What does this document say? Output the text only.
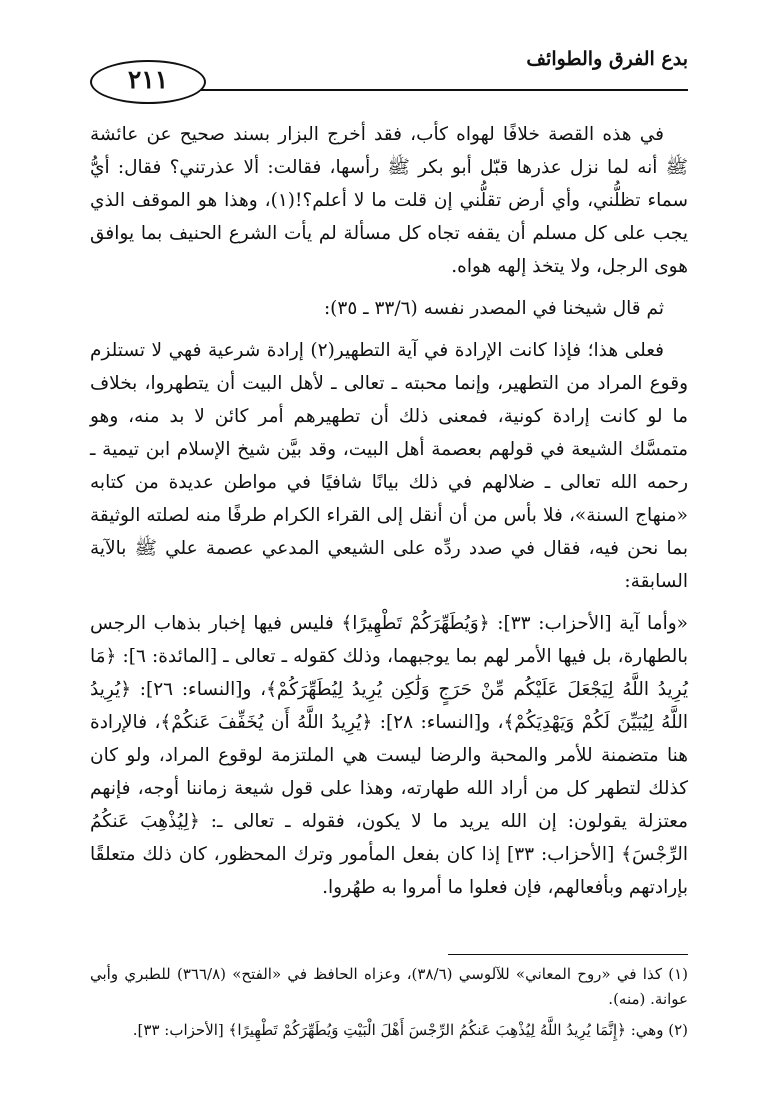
بدع الفرق والطوائف
٢١١

في هذه القصة خلافًا لهواه كأب، فقد أخرج البزار بسند صحيح عن عائشة ﷺ أنه لما نزل عذرها قبّل أبو بكر ﷺ رأسها، فقالت: ألا عذرتني؟ فقال: أيُّ سماء تظلُّني، وأي أرض تقلُّني إن قلت ما لا أعلم؟!(١)، وهذا هو الموقف الذي يجب على كل مسلم أن يقفه تجاه كل مسألة لم يأت الشرع الحنيف بما يوافق هوى الرجل، ولا يتخذ إلهه هواه.

ثم قال شيخنا في المصدر نفسه (٣٣/٦ ـ ٣٥):

فعلى هذا؛ فإذا كانت الإرادة في آية التطهير(٢) إرادة شرعية فهي لا تستلزم وقوع المراد من التطهير، وإنما محبته ـ تعالى ـ لأهل البيت أن يتطهروا، بخلاف ما لو كانت إرادة كونية، فمعنى ذلك أن تطهيرهم أمر كائن لا بد منه، وهو متمسَّك الشيعة في قولهم بعصمة أهل البيت، وقد بيَّن شيخ الإسلام ابن تيمية ـ رحمه الله تعالى ـ ضلالهم في ذلك بيانًا شافيًا في مواطن عديدة من كتابه «منهاج السنة»، فلا بأس من أن أنقل إلى القراء الكرام طرفًا منه لصلته الوثيقة بما نحن فيه، فقال في صدد ردِّه على الشيعي المدعي عصمة علي ﷺ بالآية السابقة:

«وأما آية [الأحزاب: ٣٣]: ﴿وَيُطَهِّرَكُمْ تَطْهِيرًا﴾ فليس فيها إخبار بذهاب الرجس بالطهارة، بل فيها الأمر لهم بما يوجبهما، وذلك كقوله ـ تعالى ـ [المائدة: ٦]: ﴿مَا يُرِيدُ اللَّهُ لِيَجْعَلَ عَلَيْكُم مِّنْ حَرَجٍ وَلَٰكِن يُرِيدُ لِيُطَهِّرَكُمْ﴾، و[النساء: ٢٦]: ﴿يُرِيدُ اللَّهُ لِيُبَيِّنَ لَكُمْ وَيَهْدِيَكُمْ﴾، و[النساء: ٢٨]: ﴿يُرِيدُ اللَّهُ أَن يُخَفِّفَ عَنكُمْ﴾، فالإرادة هنا متضمنة للأمر والمحبة والرضا ليست هي الملتزمة لوقوع المراد، ولو كان كذلك لتطهر كل من أراد الله طهارته، وهذا على قول شيعة زماننا أوجه، فإنهم معتزلة يقولون: إن الله يريد ما لا يكون، فقوله ـ تعالى ـ: ﴿لِيُذْهِبَ عَنكُمُ الرِّجْسَ﴾ [الأحزاب: ٣٣] إذا كان بفعل المأمور وترك المحظور، كان ذلك متعلقًا بإرادتهم وبأفعالهم، فإن فعلوا ما أمروا به طهُروا.

(١) كذا في «روح المعاني» للآلوسي (٣٨/٦)، وعزاه الحافظ في «الفتح» (٣٦٦/٨) للطبري وأبي عوانة. (منه).

(٢) وهي: ﴿إِنَّمَا يُرِيدُ اللَّهُ لِيُذْهِبَ عَنكُمُ الرِّجْسَ أَهْلَ الْبَيْتِ وَيُطَهِّرَكُمْ تَطْهِيرًا﴾ [الأحزاب: ٣٣].
